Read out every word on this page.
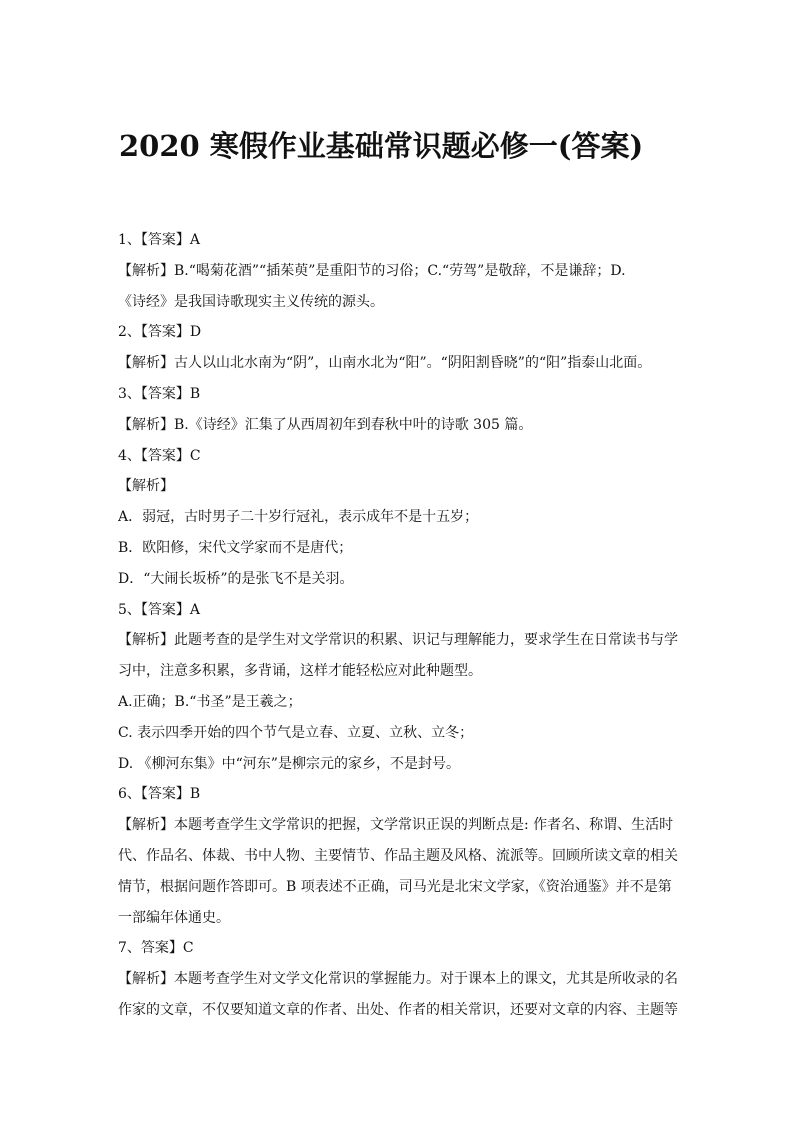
2020 寒假作业基础常识题必修一(答案)
1、【答案】A
【解析】B.“喝菊花酒”“插茱萸”是重阳节的习俗；C.“劳驾”是敬辞，不是谦辞；D.
《诗经》是我国诗歌现实主义传统的源头。
2、【答案】D
【解析】古人以山北水南为“阴”，山南水北为“阳”。“阴阳割昏晓”的“阳”指泰山北面。
3、【答案】B
【解析】B.《诗经》汇集了从西周初年到春秋中叶的诗歌 305 篇。
4、【答案】C
【解析】
A．弱冠，古时男子二十岁行冠礼，表示成年不是十五岁；
B．欧阳修，宋代文学家而不是唐代；
D．“大闹长坂桥”的是张飞不是关羽。
5、【答案】A
【解析】此题考查的是学生对文学常识的积累、识记与理解能力，要求学生在日常读书与学
习中，注意多积累，多背诵，这样才能轻松应对此种题型。
A.正确；B.“书圣”是王羲之；
C. 表示四季开始的四个节气是立春、立夏、立秋、立冬；
D. 《柳河东集》中“河东”是柳宗元的家乡，不是封号。
6、【答案】B
【解析】本题考查学生文学常识的把握，文学常识正误的判断点是: 作者名、称谓、生活时
代、作品名、体裁、书中人物、主要情节、作品主题及风格、流派等。回顾所读文章的相关
情节，根据问题作答即可。B 项表述不正确，司马光是北宋文学家，《资治通鉴》并不是第
一部编年体通史。
7、答案】C
【解析】本题考查学生对文学文化常识的掌握能力。对于课本上的课文，尤其是所收录的名
作家的文章，不仅要知道文章的作者、出处、作者的相关常识，还要对文章的内容、主题等
